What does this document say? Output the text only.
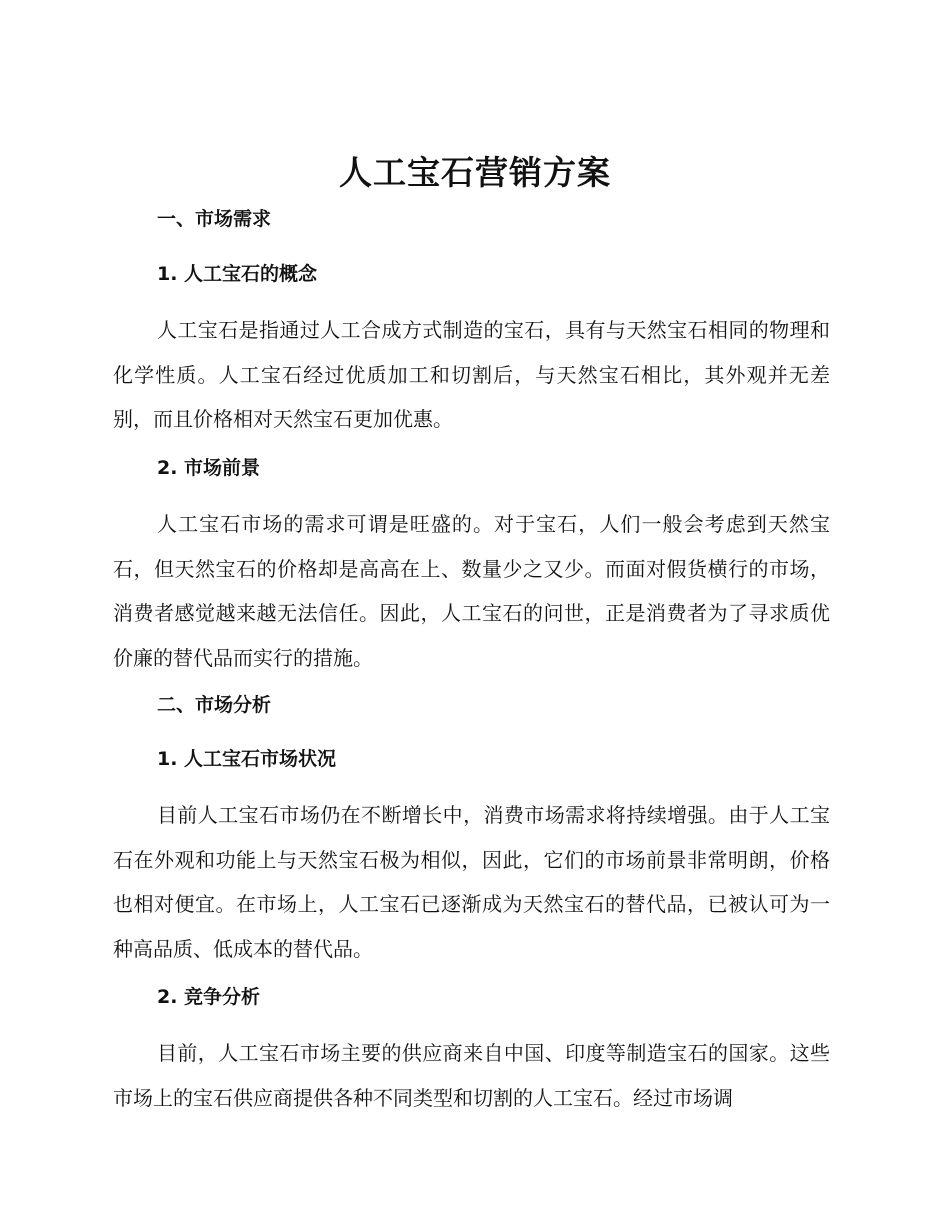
人工宝石营销方案
一、市场需求
1. 人工宝石的概念
人工宝石是指通过人工合成方式制造的宝石，具有与天然宝石相同的物理和化学性质。人工宝石经过优质加工和切割后，与天然宝石相比，其外观并无差别，而且价格相对天然宝石更加优惠。
2. 市场前景
人工宝石市场的需求可谓是旺盛的。对于宝石，人们一般会考虑到天然宝石，但天然宝石的价格却是高高在上、数量少之又少。而面对假货横行的市场，消费者感觉越来越无法信任。因此，人工宝石的问世，正是消费者为了寻求质优价廉的替代品而实行的措施。
二、市场分析
1. 人工宝石市场状况
目前人工宝石市场仍在不断增长中，消费市场需求将持续增强。由于人工宝石在外观和功能上与天然宝石极为相似，因此，它们的市场前景非常明朗，价格也相对便宜。在市场上，人工宝石已逐渐成为天然宝石的替代品，已被认可为一种高品质、低成本的替代品。
2. 竞争分析
目前，人工宝石市场主要的供应商来自中国、印度等制造宝石的国家。这些市场上的宝石供应商提供各种不同类型和切割的人工宝石。经过市场调
